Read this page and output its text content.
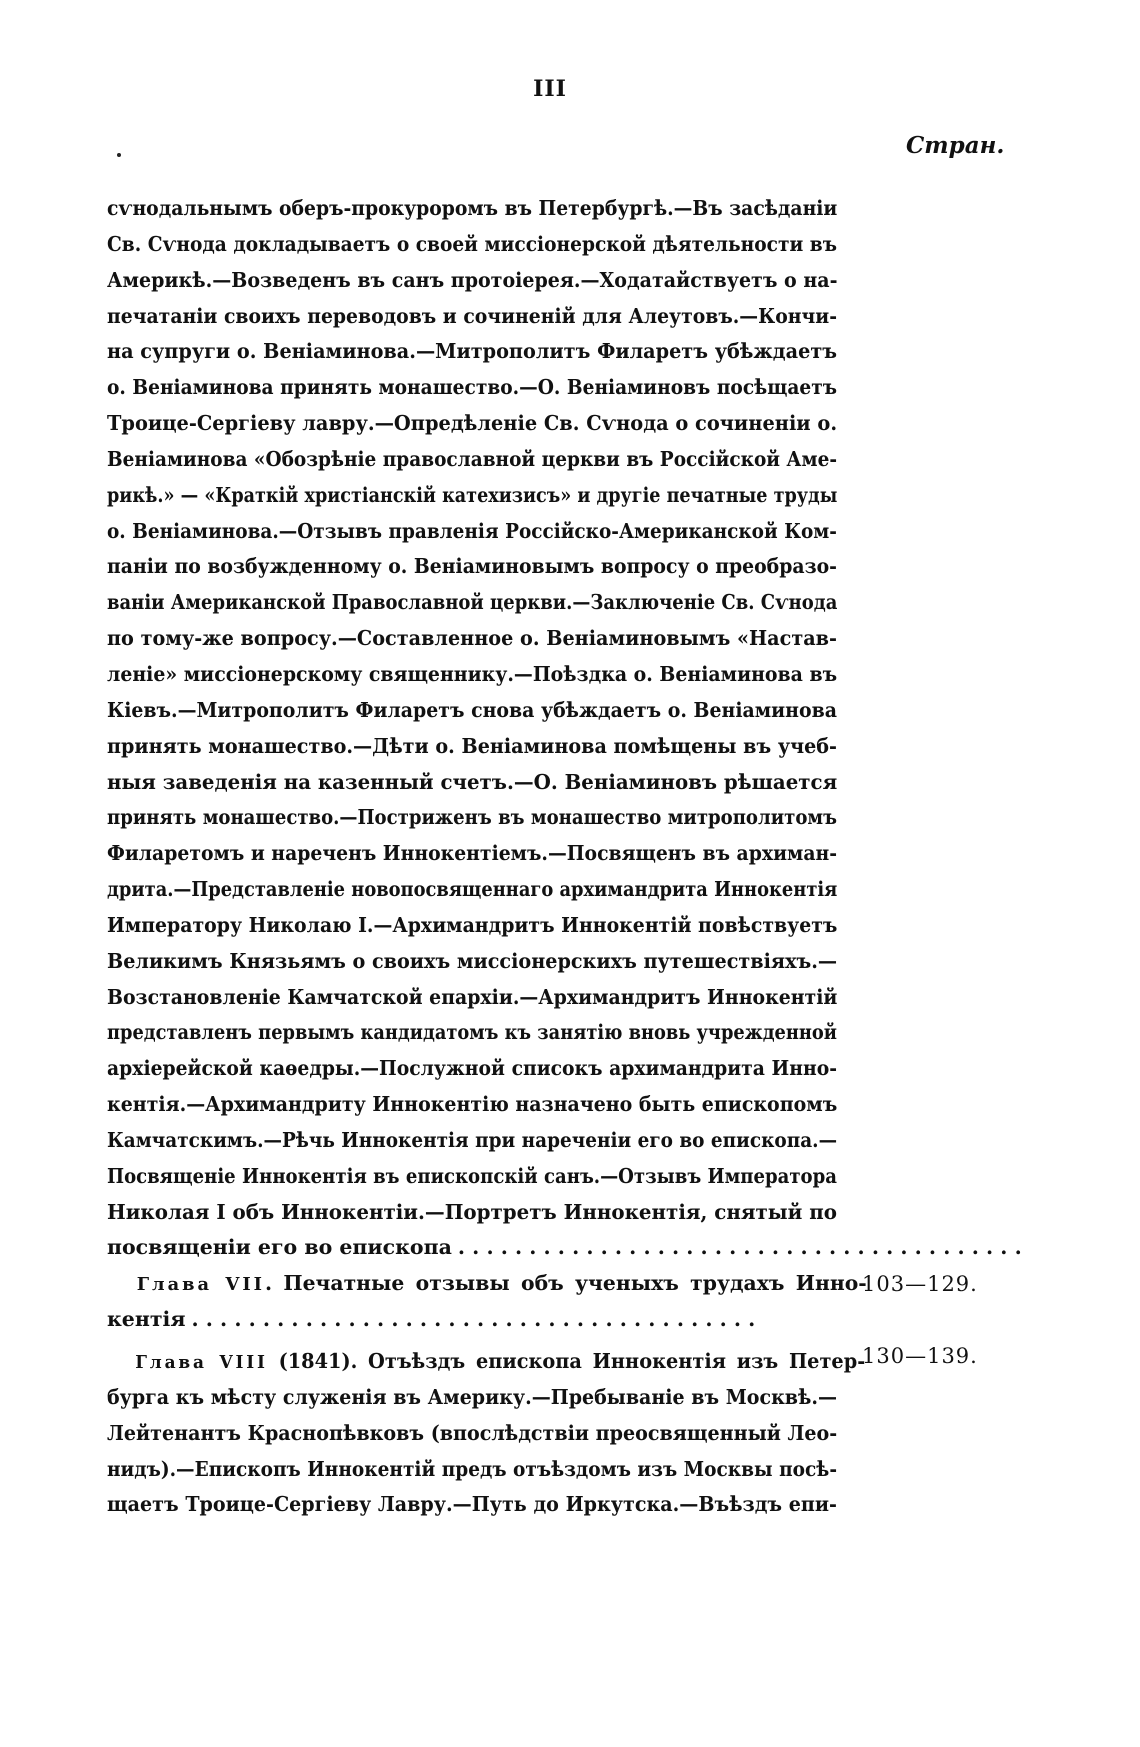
III
Стран.
сѵнодальнымъ оберъ-прокуроромъ въ Петербургѣ.—Въ засѣданіи
Св. Сѵнода докладываетъ о своей миссіонерской дѣятельности въ
Америкѣ.—Возведенъ въ санъ протоіерея.—Ходатайствуетъ о на-
печатаніи своихъ переводовъ и сочиненій для Алеутовъ.—Кончи-
на супруги о. Веніаминова.—Митрополитъ Филаретъ убѣждаетъ
о. Веніаминова принять монашество.—О. Веніаминовъ посѣщаетъ
Троице-Сергіеву лавру.—Опредѣленіе Св. Сѵнода о сочиненіи о.
Веніаминова «Обозрѣніе православной церкви въ Россійской Аме-
рикѣ.» — «Краткій христіанскій катехизисъ» и другіе печатные труды
о. Веніаминова.—Отзывъ правленія Россійско-Американской Ком-
паніи по возбужденному о. Веніаминовымъ вопросу о преобразо-
ваніи Американской Православной церкви.—Заключеніе Св. Сѵнода
по тому-же вопросу.—Составленное о. Веніаминовымъ «Настав-
леніе» миссіонерскому священнику.—Поѣздка о. Веніаминова въ
Кіевъ.—Митрополитъ Филаретъ снова убѣждаетъ о. Веніаминова
принять монашество.—Дѣти о. Веніаминова помѣщены въ учеб-
ныя заведенія на казенный счетъ.—О. Веніаминовъ рѣшается
принять монашество.—Постриженъ въ монашество митрополитомъ
Филаретомъ и нареченъ Иннокентіемъ.—Посвященъ въ архиман-
дрита.—Представленіе новопосвященнаго архимандрита Иннокентія
Императору Николаю I.—Архимандритъ Иннокентій повѣствуетъ
Великимъ Князьямъ о своихъ миссіонерскихъ путешествіяхъ.—
Возстановленіе Камчатской епархіи.—Архимандритъ Иннокентій
представленъ первымъ кандидатомъ къ занятію вновь учрежденной
архіерейской каѳедры.—Послужной списокъ архимандрита Инно-
кентія.—Архимандриту Иннокентію назначено быть епископомъ
Камчатскимъ.—Рѣчь Иннокентія при нареченіи его во епископа.—
Посвященіе Иннокентія въ епископскій санъ.—Отзывъ Императора
Николая I объ Иннокентіи.—Портретъ Иннокентія, снятый по
посвященіи его во епископа . . . . . . . . . . . . . . . . . . . . . . . . . . . . . . . . . . . . . . . .
Глава VII. Печатные отзывы объ ученыхъ трудахъ Инно-
кентія . . . . . . . . . . . . . . . . . . . . . . . . . . . . . . . . . . . . . . . .
Глава VIII (1841). Отъѣздъ епископа Иннокентія изъ Петер-
бурга къ мѣсту служенія въ Америку.—Пребываніе въ Москвѣ.—
Лейтенантъ Краснопѣвковъ (впослѣдствіи преосвященный Лео-
нидъ).—Епископъ Иннокентій предъ отъѣздомъ изъ Москвы посѣ-
щаетъ Троице-Сергіеву Лавру.—Путь до Иркутска.—Въѣздъ епи-
103—129.
130—139.
